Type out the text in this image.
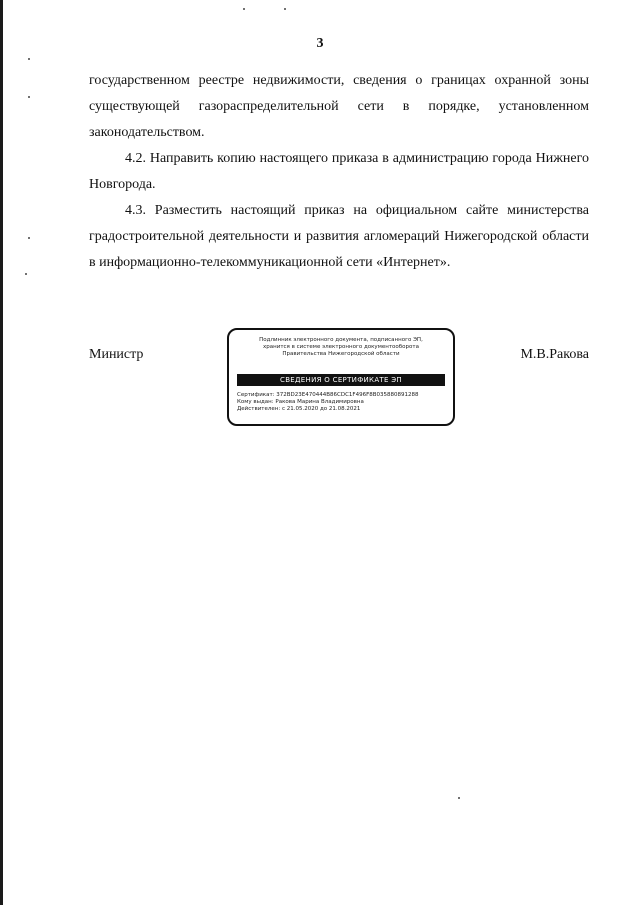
3

государственном реестре недвижимости, сведения о границах охранной зоны существующей газораспределительной сети в порядке, установленном законодательством.

4.2. Направить копию настоящего приказа в администрацию города Нижнего Новгорода.

4.3. Разместить настоящий приказ на официальном сайте министерства градостроительной деятельности и развития агломераций Нижегородской области в информационно-телекоммуникационной сети «Интернет».

Министр	М.В.Ракова
Подлинник электронного документа, подписанного ЭП,
хранится в системе электронного документооборота
Правительства Нижегородской области
СВЕДЕНИЯ О СЕРТИФИКАТЕ ЭП
Сертификат: 372BD23E470444B86CDC1F496F8B035880891288
Кому выдан: Ракова Марина Владимировна
Действителен: с 21.05.2020 до 21.08.2021
